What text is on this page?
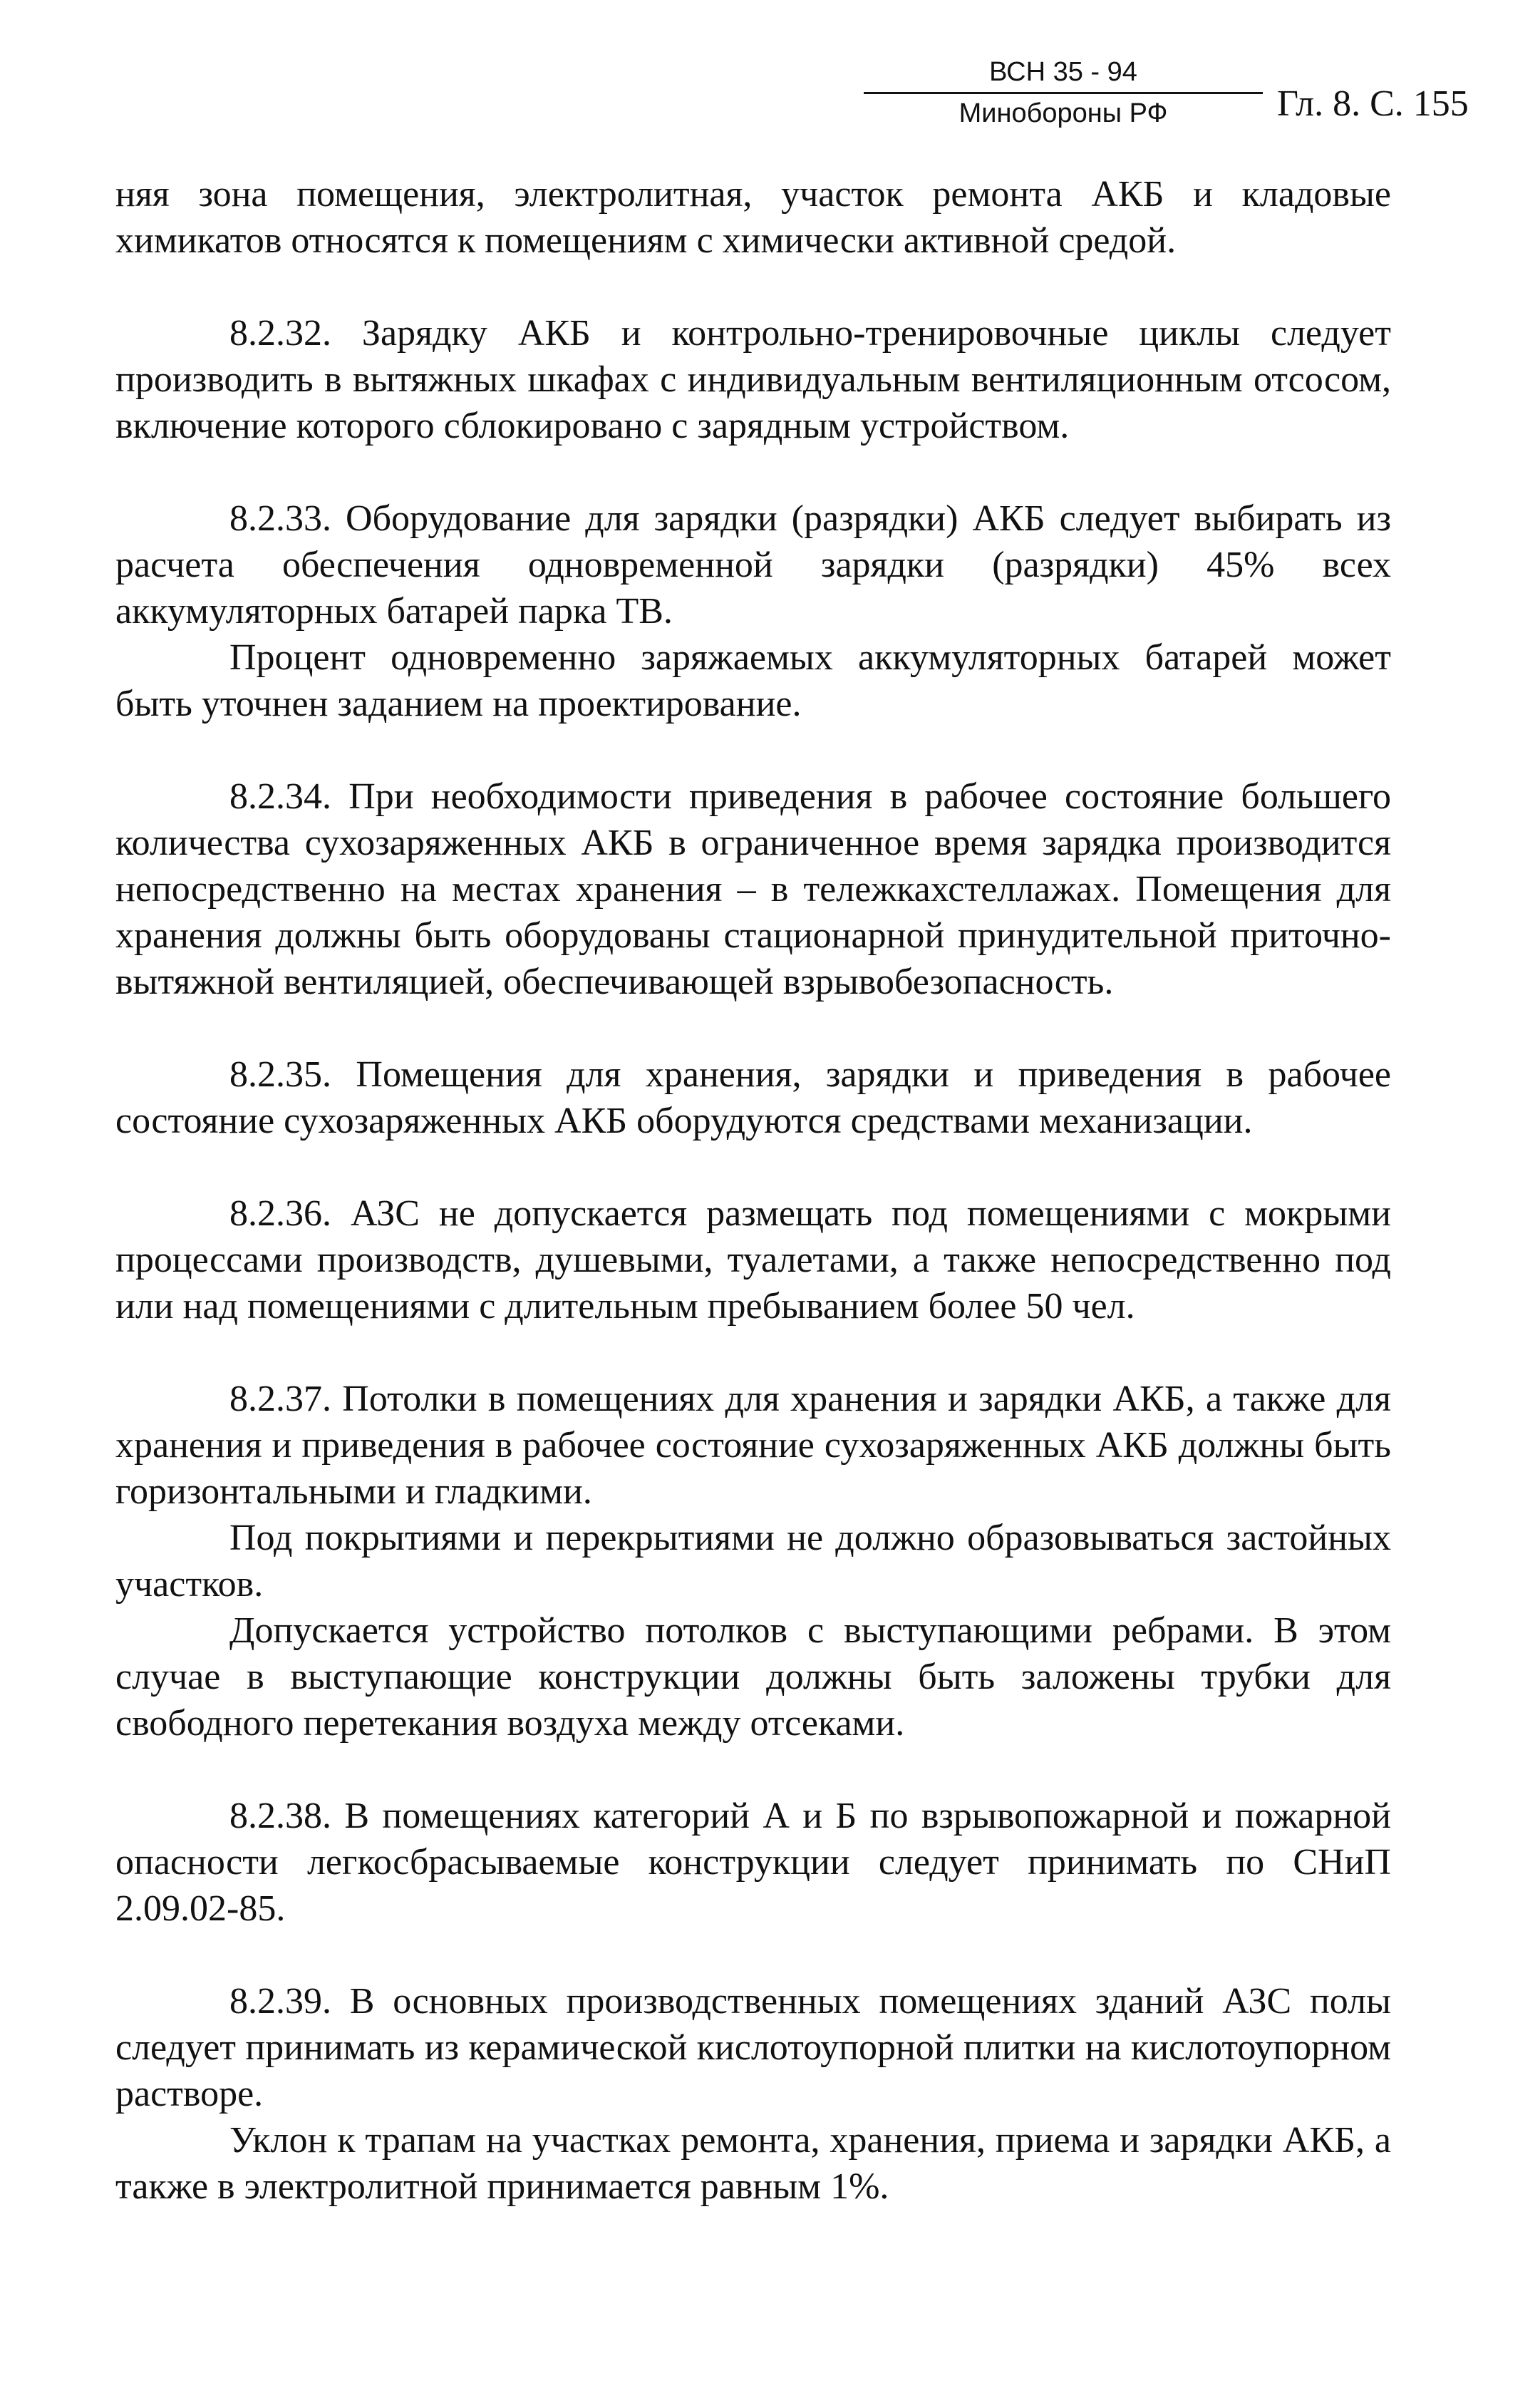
ВСН 35 - 94
Минобороны РФ	Гл. 8. С. 155

няя зона помещения, электролитная, участок ремонта АКБ и кладовые химикатов относятся к помещениям с химически активной средой.

8.2.32. Зарядку АКБ и контрольно-тренировочные циклы следует производить в вытяжных шкафах с индивидуальным вентиляционным отсосом, включение которого сблокировано с зарядным устройством.

8.2.33. Оборудование для зарядки (разрядки) АКБ следует выбирать из расчета обеспечения одновременной зарядки (разрядки) 45% всех аккумуляторных батарей парка ТВ.

Процент одновременно заряжаемых аккумуляторных батарей может быть уточнен заданием на проектирование.

8.2.34. При необходимости приведения в рабочее состояние большего количества сухозаряженных АКБ в ограниченное время зарядка производится непосредственно на местах хранения – в тележкахстеллажах. Помещения для хранения должны быть оборудованы стационарной принудительной приточно-вытяжной вентиляцией, обеспечивающей взрывобезопасность.

8.2.35. Помещения для хранения, зарядки и приведения в рабочее состояние сухозаряженных АКБ оборудуются средствами механизации.

8.2.36. АЗС не допускается размещать под помещениями с мокрыми процессами производств, душевыми, туалетами, а также непосредственно под или над помещениями с длительным пребыванием более 50 чел.

8.2.37. Потолки в помещениях для хранения и зарядки АКБ, а также для хранения и приведения в рабочее состояние сухозаряженных АКБ должны быть горизонтальными и гладкими.

Под покрытиями и перекрытиями не должно образовываться застойных участков.

Допускается устройство потолков с выступающими ребрами. В этом случае в выступающие конструкции должны быть заложены трубки для свободного перетекания воздуха между отсеками.

8.2.38. В помещениях категорий А и Б по взрывопожарной и пожарной опасности легкосбрасываемые конструкции следует принимать по СНиП 2.09.02-85.

8.2.39. В основных производственных помещениях зданий АЗС полы следует принимать из керамической кислотоупорной плитки на кислотоупорном растворе.

Уклон к трапам на участках ремонта, хранения, приема и зарядки АКБ, а также в электролитной принимается равным 1%.
